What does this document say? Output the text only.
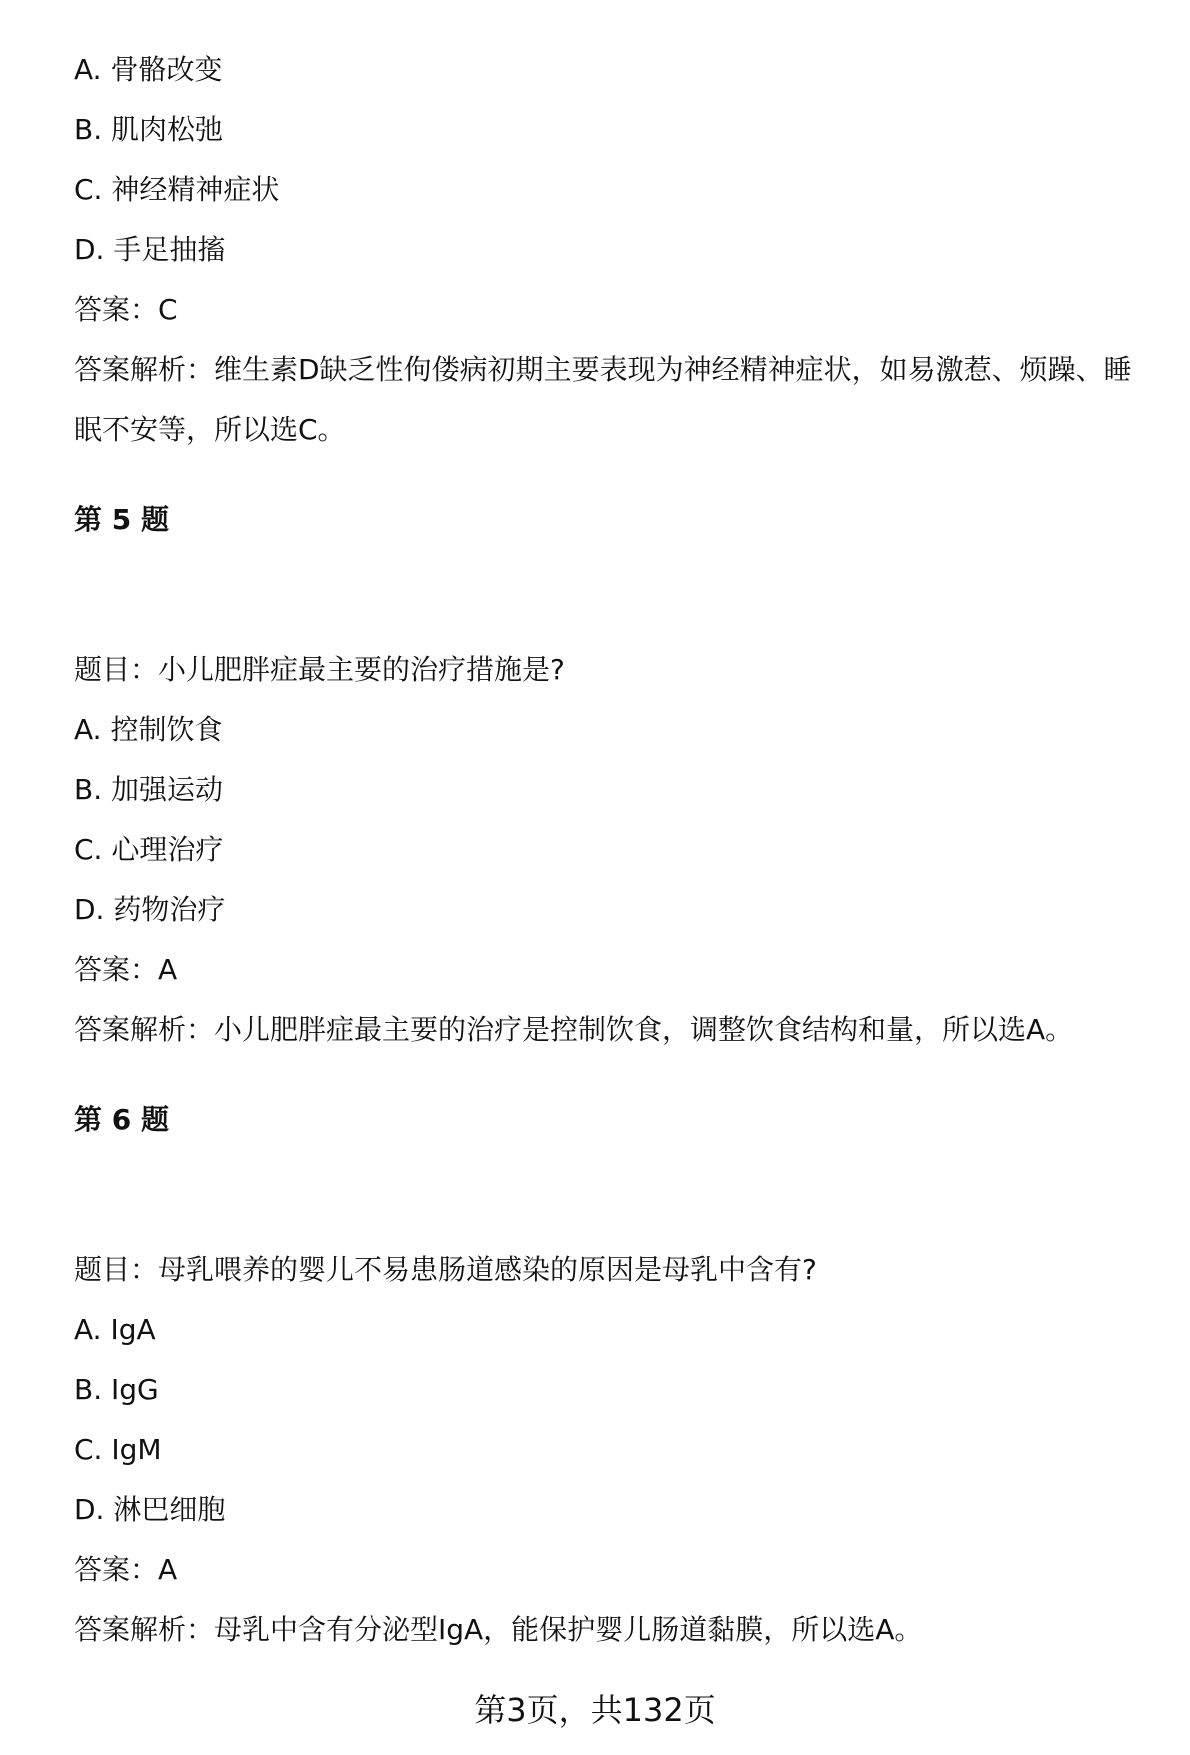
A. 骨骼改变
B. 肌肉松弛
C. 神经精神症状
D. 手足抽搐
答案：C
答案解析：维生素D缺乏性佝偻病初期主要表现为神经精神症状，如易激惹、烦躁、睡眠不安等，所以选C。
第 5 题
题目：小儿肥胖症最主要的治疗措施是?
A. 控制饮食
B. 加强运动
C. 心理治疗
D. 药物治疗
答案：A
答案解析：小儿肥胖症最主要的治疗是控制饮食，调整饮食结构和量，所以选A。
第 6 题
题目：母乳喂养的婴儿不易患肠道感染的原因是母乳中含有?
A. IgA
B. IgG
C. IgM
D. 淋巴细胞
答案：A
答案解析：母乳中含有分泌型IgA，能保护婴儿肠道黏膜，所以选A。
第3页，共132页
